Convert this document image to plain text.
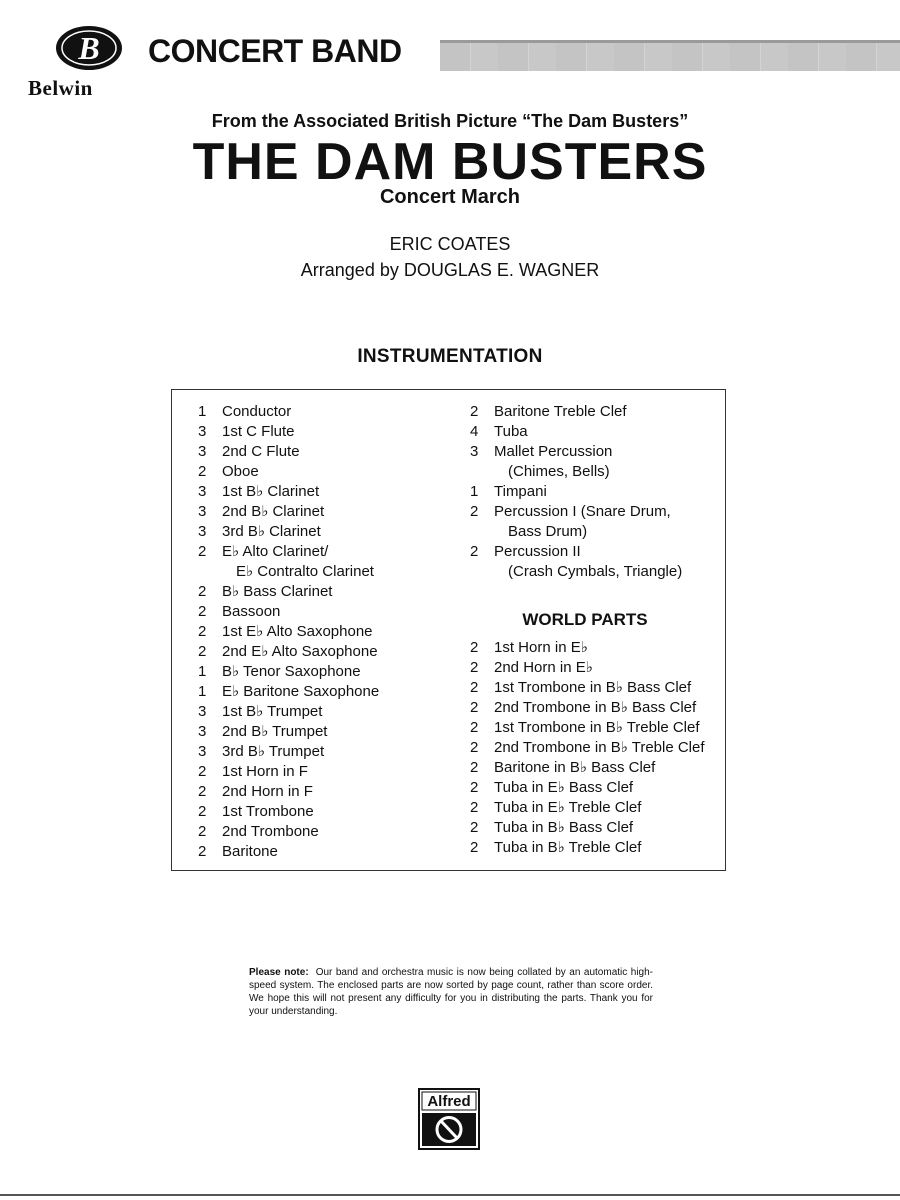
B
Belwin
CONCERT BAND
From the Associated British Picture “The Dam Busters”
THE DAM BUSTERS
Concert March
ERIC COATES
Arranged by DOUGLAS E. WAGNER
INSTRUMENTATION
1	Conductor
3	1st C Flute
3	2nd C Flute
2	Oboe
3	1st B♭ Clarinet
3	2nd B♭ Clarinet
3	3rd B♭ Clarinet
2	E♭ Alto Clarinet/
E♭ Contralto Clarinet
2	B♭ Bass Clarinet
2	Bassoon
2	1st E♭ Alto Saxophone
2	2nd E♭ Alto Saxophone
1	B♭ Tenor Saxophone
1	E♭ Baritone Saxophone
3	1st B♭ Trumpet
3	2nd B♭ Trumpet
3	3rd B♭ Trumpet
2	1st Horn in F
2	2nd Horn in F
2	1st Trombone
2	2nd Trombone
2	Baritone
2	Baritone Treble Clef
4	Tuba
3	Mallet Percussion
(Chimes, Bells)
1	Timpani
2	Percussion I (Snare Drum,
Bass Drum)
2	Percussion II
(Crash Cymbals, Triangle)
WORLD PARTS
2	1st Horn in E♭
2	2nd Horn in E♭
2	1st Trombone in B♭ Bass Clef
2	2nd Trombone in B♭ Bass Clef
2	1st Trombone in B♭ Treble Clef
2	2nd Trombone in B♭ Treble Clef
2	Baritone in B♭ Bass Clef
2	Tuba in E♭ Bass Clef
2	Tuba in E♭ Treble Clef
2	Tuba in B♭ Bass Clef
2	Tuba in B♭ Treble Clef
Please note: Our band and orchestra music is now being collated by an automatic high-speed system. The enclosed parts are now sorted by page count, rather than score order. We hope this will not present any difficulty for you in distributing the parts. Thank you for your understanding.
Alfred
